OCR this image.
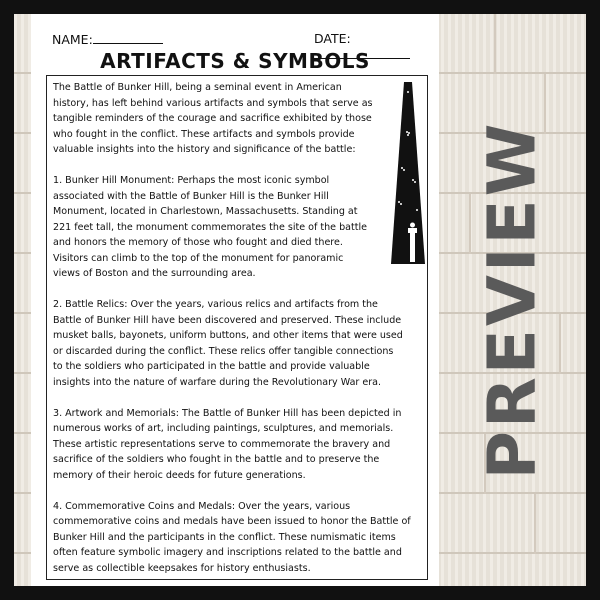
PREVIEW
NAME:	DATE:
ARTIFACTS & SYMBOLS

The Battle of Bunker Hill, being a seminal event in American
history, has left behind various artifacts and symbols that serve as
tangible reminders of the courage and sacrifice exhibited by those
who fought in the conflict. These artifacts and symbols provide
valuable insights into the history and significance of the battle:

1. Bunker Hill Monument: Perhaps the most iconic symbol
associated with the Battle of Bunker Hill is the Bunker Hill
Monument, located in Charlestown, Massachusetts. Standing at
221 feet tall, the monument commemorates the site of the battle
and honors the memory of those who fought and died there.
Visitors can climb to the top of the monument for panoramic
views of Boston and the surrounding area.

2. Battle Relics: Over the years, various relics and artifacts from the
Battle of Bunker Hill have been discovered and preserved. These include
musket balls, bayonets, uniform buttons, and other items that were used
or discarded during the conflict. These relics offer tangible connections
to the soldiers who participated in the battle and provide valuable
insights into the nature of warfare during the Revolutionary War era.

3. Artwork and Memorials: The Battle of Bunker Hill has been depicted in
numerous works of art, including paintings, sculptures, and memorials.
These artistic representations serve to commemorate the bravery and
sacrifice of the soldiers who fought in the battle and to preserve the
memory of their heroic deeds for future generations.

4. Commemorative Coins and Medals: Over the years, various
commemorative coins and medals have been issued to honor the Battle of
Bunker Hill and the participants in the conflict. These numismatic items
often feature symbolic imagery and inscriptions related to the battle and
serve as collectible keepsakes for history enthusiasts.
